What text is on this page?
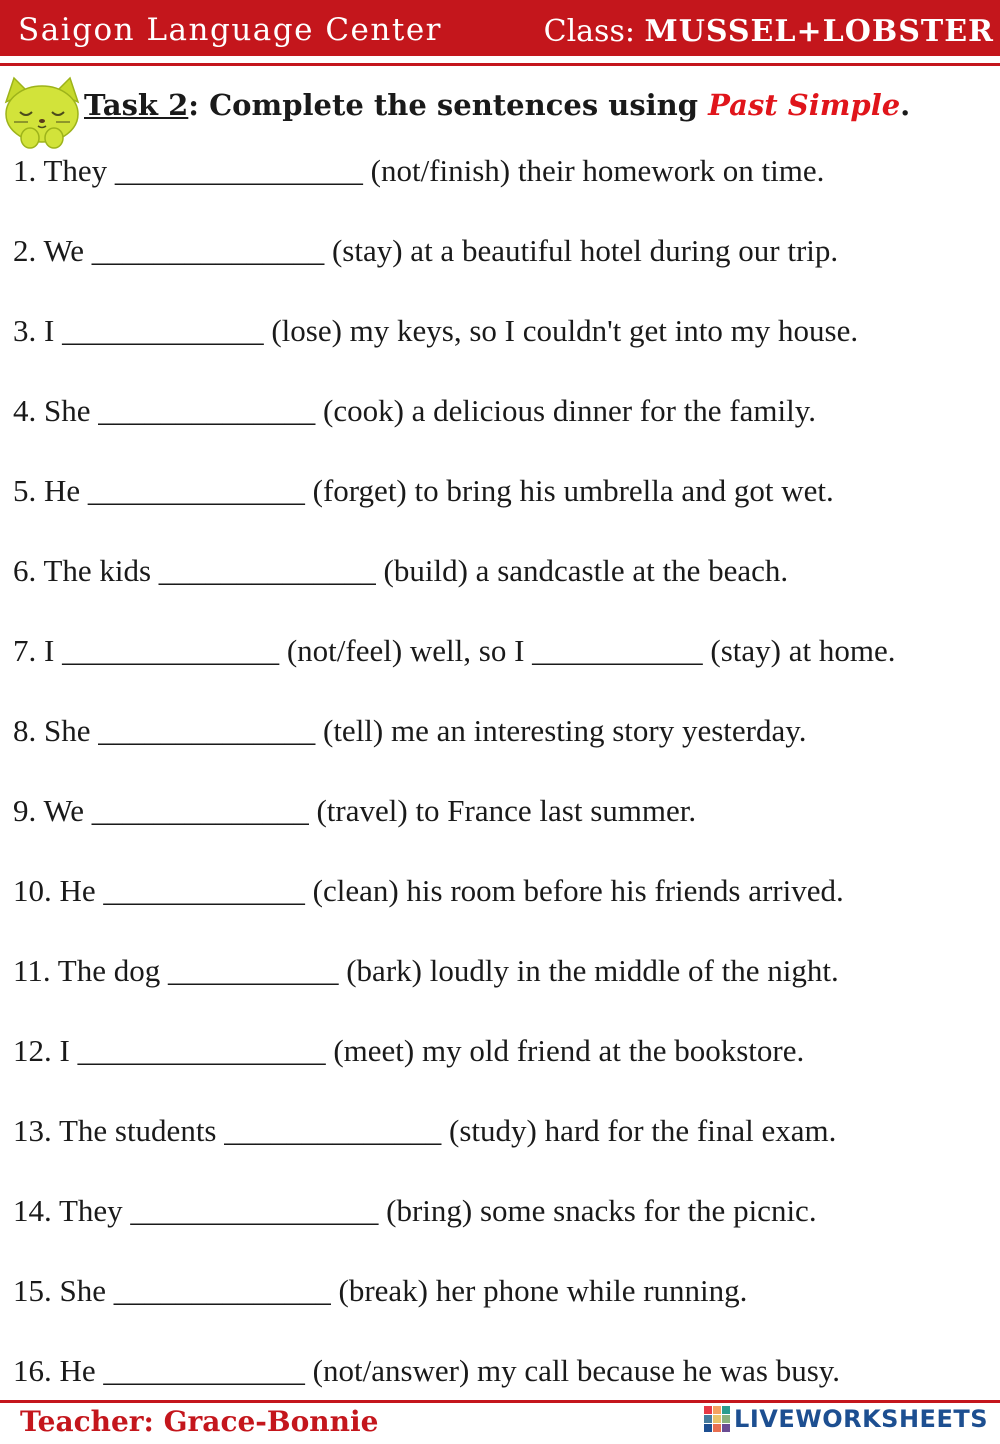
Saigon Language Center	Class: MUSSEL+LOBSTER
Task 2: Complete the sentences using Past Simple.
1. They ________________ (not/finish) their homework on time.
2. We _______________ (stay) at a beautiful hotel during our trip.
3. I _____________ (lose) my keys, so I couldn't get into my house.
4. She ______________ (cook) a delicious dinner for the family.
5. He ______________ (forget) to bring his umbrella and got wet.
6. The kids ______________ (build) a sandcastle at the beach.
7. I ______________ (not/feel) well, so I ___________ (stay) at home.
8. She ______________ (tell) me an interesting story yesterday.
9. We ______________ (travel) to France last summer.
10. He _____________ (clean) his room before his friends arrived.
11. The dog ___________ (bark) loudly in the middle of the night.
12. I ________________ (meet) my old friend at the bookstore.
13. The students ______________ (study) hard for the final exam.
14. They ________________ (bring) some snacks for the picnic.
15. She ______________ (break) her phone while running.
16. He _____________ (not/answer) my call because he was busy.
Teacher: Grace-Bonnie	LIVEWORKSHEETS
